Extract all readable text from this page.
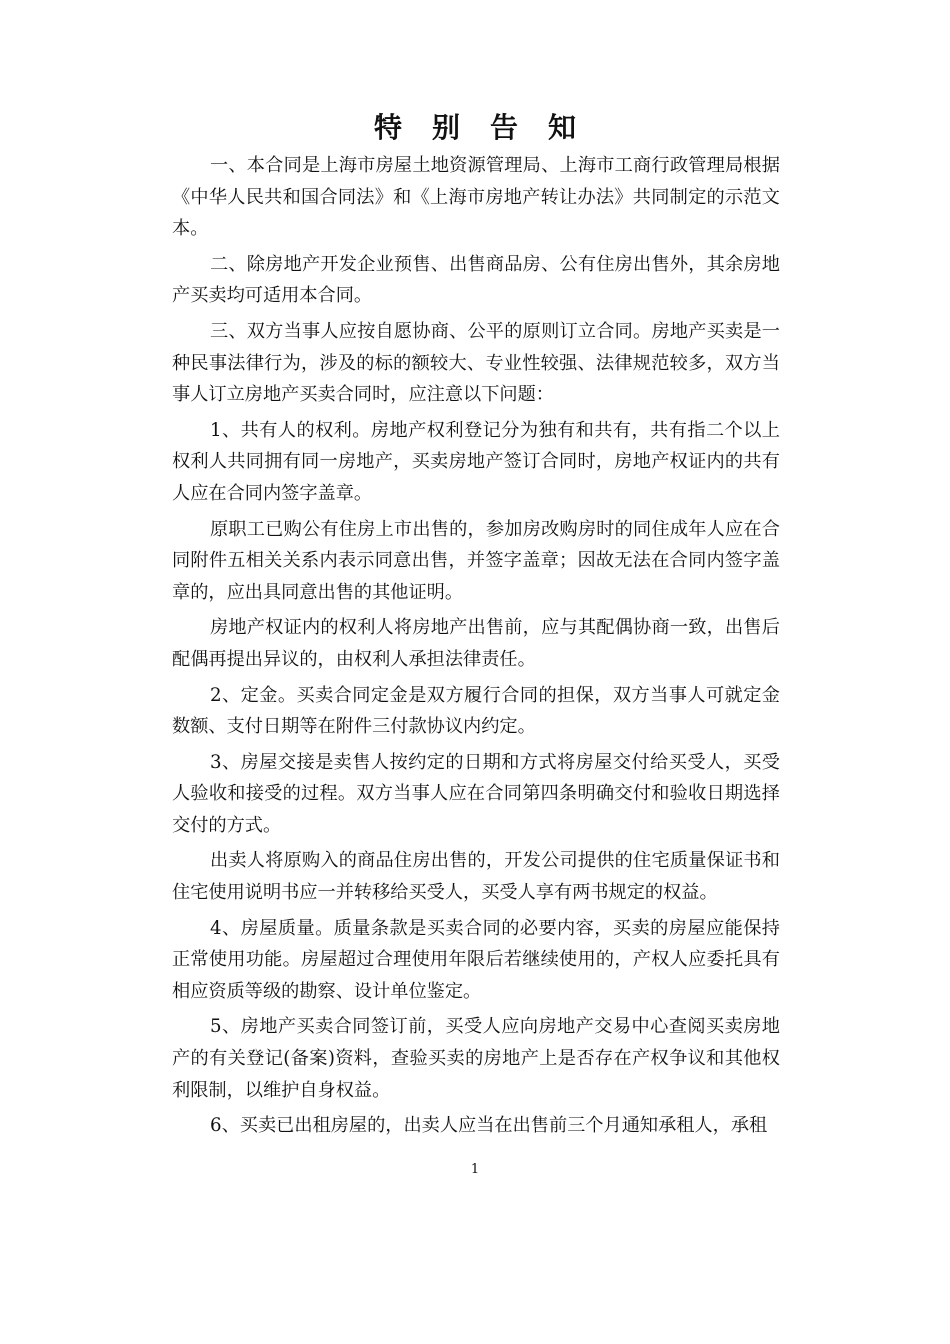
特别告知

一、本合同是上海市房屋土地资源管理局、上海市工商行政管理局根据《中华人民共和国合同法》和《上海市房地产转让办法》共同制定的示范文本。

二、除房地产开发企业预售、出售商品房、公有住房出售外，其余房地产买卖均可适用本合同。

三、双方当事人应按自愿协商、公平的原则订立合同。房地产买卖是一种民事法律行为，涉及的标的额较大、专业性较强、法律规范较多，双方当事人订立房地产买卖合同时，应注意以下问题：

1、共有人的权利。房地产权利登记分为独有和共有，共有指二个以上权利人共同拥有同一房地产，买卖房地产签订合同时，房地产权证内的共有人应在合同内签字盖章。

原职工已购公有住房上市出售的，参加房改购房时的同住成年人应在合同附件五相关关系内表示同意出售，并签字盖章；因故无法在合同内签字盖章的，应出具同意出售的其他证明。

房地产权证内的权利人将房地产出售前，应与其配偶协商一致，出售后配偶再提出异议的，由权利人承担法律责任。

2、定金。买卖合同定金是双方履行合同的担保，双方当事人可就定金数额、支付日期等在附件三付款协议内约定。

3、房屋交接是卖售人按约定的日期和方式将房屋交付给买受人，买受人验收和接受的过程。双方当事人应在合同第四条明确交付和验收日期选择交付的方式。

出卖人将原购入的商品住房出售的，开发公司提供的住宅质量保证书和住宅使用说明书应一并转移给买受人，买受人享有两书规定的权益。

4、房屋质量。质量条款是买卖合同的必要内容，买卖的房屋应能保持正常使用功能。房屋超过合理使用年限后若继续使用的，产权人应委托具有相应资质等级的勘察、设计单位鉴定。

5、房地产买卖合同签订前，买受人应向房地产交易中心查阅买卖房地产的有关登记(备案)资料，查验买卖的房地产上是否存在产权争议和其他权利限制，以维护自身权益。

6、买卖已出租房屋的，出卖人应当在出售前三个月通知承租人，承租

1
